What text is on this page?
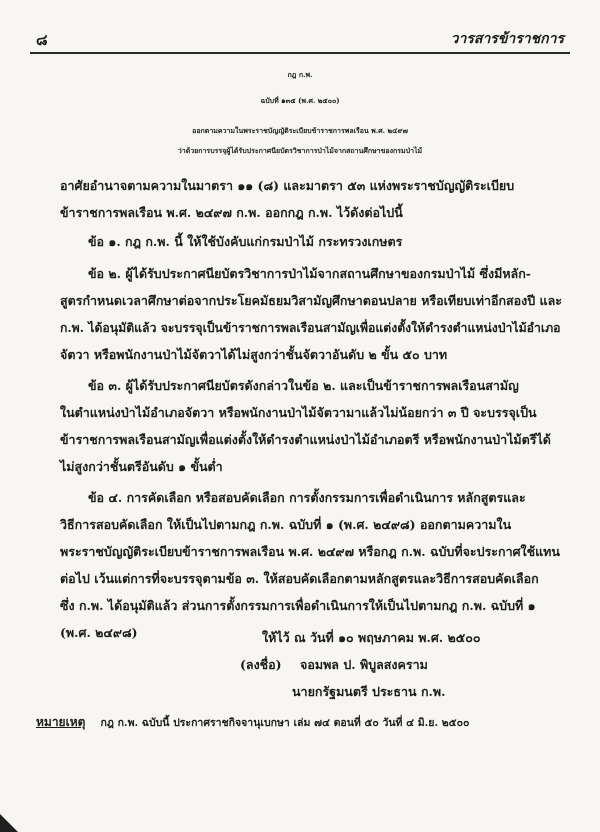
๘	วารสารข้าราชการ
กฎ ก.พ.
ฉบับที่ ๑๓๕ (พ.ศ. ๒๕๐๐)
ออกตามความในพระราชบัญญัติระเบียบข้าราชการพลเรือน พ.ศ. ๒๔๙๗
ว่าด้วยการบรรจุผู้ได้รับประกาศนียบัตรวิชาการป่าไม้จากสถานศึกษาของกรมป่าไม้

อาศัยอำนาจตามความในมาตรา ๑๑ (๘) และมาตรา ๕๓ แห่งพระราชบัญญัติระเบียบ

ข้าราชการพลเรือน พ.ศ. ๒๔๙๗ ก.พ. ออกกฎ ก.พ. ไว้ดังต่อไปนี้

ข้อ ๑. กฎ ก.พ. นี้ ให้ใช้บังคับแก่กรมป่าไม้ กระทรวงเกษตร

ข้อ ๒. ผู้ได้รับประกาศนียบัตรวิชาการป่าไม้จากสถานศึกษาของกรมป่าไม้ ซึ่งมีหลัก-

สูตรกำหนดเวลาศึกษาต่อจากประโยคมัธยมวิสามัญศึกษาตอนปลาย หรือเทียบเท่าอีกสองปี และ

ก.พ. ได้อนุมัติแล้ว จะบรรจุเป็นข้าราชการพลเรือนสามัญเพื่อแต่งตั้งให้ดำรงตำแหน่งป่าไม้อำเภอ

จัตวา หรือพนักงานป่าไม้จัตวาได้ไม่สูงกว่าชั้นจัตวาอันดับ ๒ ขั้น ๕๐ บาท

ข้อ ๓. ผู้ได้รับประกาศนียบัตรดังกล่าวในข้อ ๒. และเป็นข้าราชการพลเรือนสามัญ

ในตำแหน่งป่าไม้อำเภอจัตวา หรือพนักงานป่าไม้จัตวามาแล้วไม่น้อยกว่า ๓ ปี จะบรรจุเป็น

ข้าราชการพลเรือนสามัญเพื่อแต่งตั้งให้ดำรงตำแหน่งป่าไม้อำเภอตรี หรือพนักงานป่าไม้ตรีได้

ไม่สูงกว่าชั้นตรีอันดับ ๑ ขั้นต่ำ

ข้อ ๔. การคัดเลือก หรือสอบคัดเลือก การตั้งกรรมการเพื่อดำเนินการ หลักสูตรและ

วิธีการสอบคัดเลือก ให้เป็นไปตามกฎ ก.พ. ฉบับที่ ๑ (พ.ศ. ๒๔๙๘) ออกตามความใน

พระราชบัญญัติระเบียบข้าราชการพลเรือน พ.ศ. ๒๔๙๗ หรือกฎ ก.พ. ฉบับที่จะประกาศใช้แทน

ต่อไป เว้นแต่การที่จะบรรจุตามข้อ ๓. ให้สอบคัดเลือกตามหลักสูตรและวิธีการสอบคัดเลือก

ซึ่ง ก.พ. ได้อนุมัติแล้ว ส่วนการตั้งกรรมการเพื่อดำเนินการให้เป็นไปตามกฎ ก.พ. ฉบับที่ ๑

(พ.ศ. ๒๔๙๘)	ให้ไว้ ณ วันที่ ๑๐ พฤษภาคม พ.ศ. ๒๕๐๐
(ลงชื่อ) จอมพล ป. พิบูลสงคราม
นายกรัฐมนตรี ประธาน ก.พ.
หมายเหตุ กฎ ก.พ. ฉบับนี้ ประกาศราชกิจจานุเบกษา เล่ม ๗๔ ตอนที่ ๕๐ วันที่ ๔ มิ.ย. ๒๕๐๐
